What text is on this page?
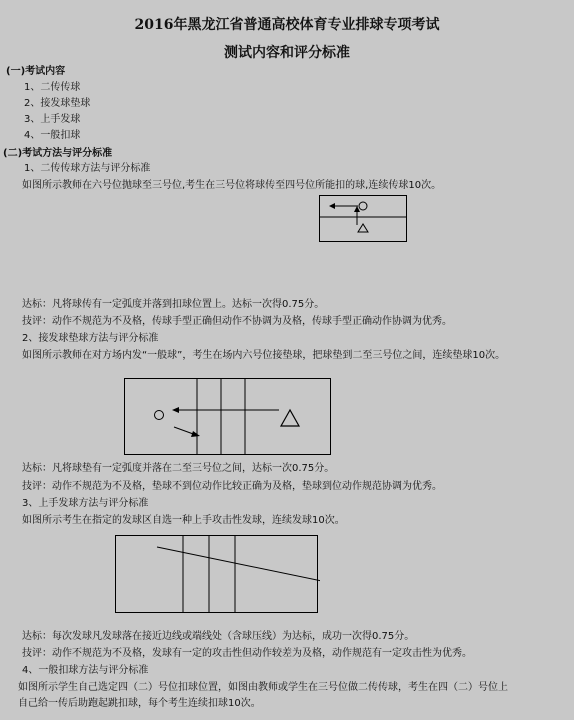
2016年黑龙江省普通高校体育专业排球专项考试
测试内容和评分标准
(一)考试内容
1、二传传球
2、接发球垫球
3、上手发球
4、一般扣球
(二)考试方法与评分标准
1、二传传球方法与评分标准
如图所示教师在六号位抛球至三号位,考生在三号位将球传至四号位所能扣的球,连续传球10次。
达标：凡将球传有一定弧度并落到扣球位置上。达标一次得0.75分。
技评：动作不规范为不及格，传球手型正确但动作不协调为及格，传球手型正确动作协调为优秀。
2、接发球垫球方法与评分标准
如图所示教师在对方场内发“一般球”，考生在场内六号位接垫球，把球垫到二至三号位之间，连续垫球10次。
达标：凡将球垫有一定弧度并落在二至三号位之间，达标一次0.75分。
技评：动作不规范为不及格，垫球不到位动作比较正确为及格，垫球到位动作规范协调为优秀。
3、上手发球方法与评分标准
如图所示考生在指定的发球区自选一种上手攻击性发球，连续发球10次。
达标：每次发球凡发球落在接近边线或端线处（含球压线）为达标，成功一次得0.75分。
技评：动作不规范为不及格，发球有一定的攻击性但动作较差为及格，动作规范有一定攻击性为优秀。
4、一般扣球方法与评分标准
如图所示学生自己选定四（二）号位扣球位置，如图由教师或学生在三号位做二传传球，考生在四（二）号位上
自己给一传后助跑起跳扣球，每个考生连续扣球10次。
